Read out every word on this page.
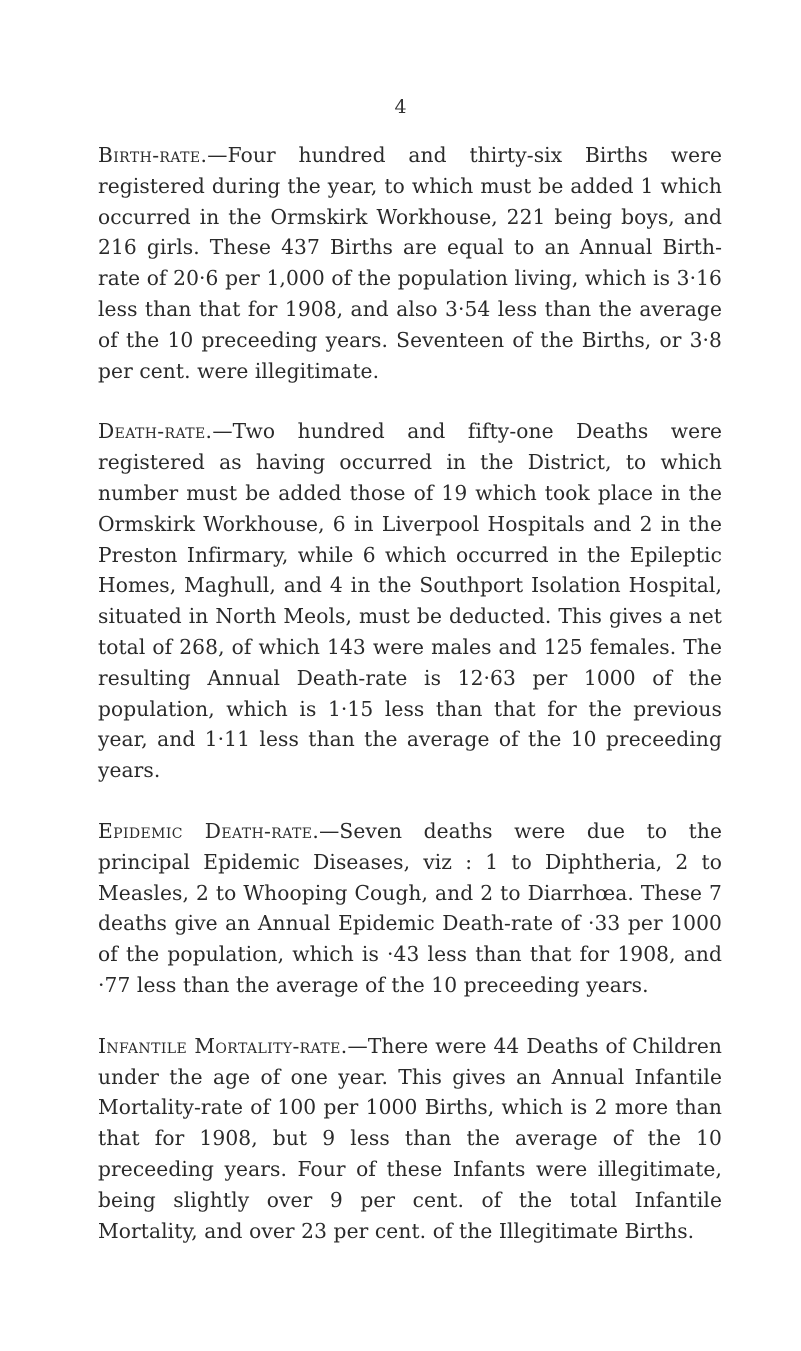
4

Birth-rate.—Four hundred and thirty-six Births were registered during the year, to which must be added 1 which occurred in the Ormskirk Workhouse, 221 being boys, and 216 girls. These 437 Births are equal to an Annual Birth-rate of 20·6 per 1,000 of the population living, which is 3·16 less than that for 1908, and also 3·54 less than the average of the 10 preceeding years. Seventeen of the Births, or 3·8 per cent. were illegitimate.

Death-rate.—Two hundred and fifty-one Deaths were registered as having occurred in the District, to which number must be added those of 19 which took place in the Ormskirk Workhouse, 6 in Liverpool Hospitals and 2 in the Preston Infirmary, while 6 which occurred in the Epileptic Homes, Maghull, and 4 in the Southport Isolation Hospital, situated in North Meols, must be deducted. This gives a net total of 268, of which 143 were males and 125 females. The resulting Annual Death-rate is 12·63 per 1000 of the population, which is 1·15 less than that for the previous year, and 1·11 less than the average of the 10 preceeding years.

Epidemic Death-rate.—Seven deaths were due to the principal Epidemic Diseases, viz : 1 to Diphtheria, 2 to Measles, 2 to Whooping Cough, and 2 to Diarrhœa. These 7 deaths give an Annual Epidemic Death-rate of ·33 per 1000 of the population, which is ·43 less than that for 1908, and ·77 less than the average of the 10 preceeding years.

Infantile Mortality-rate.—There were 44 Deaths of Children under the age of one year. This gives an Annual Infantile Mortality-rate of 100 per 1000 Births, which is 2 more than that for 1908, but 9 less than the average of the 10 preceeding years. Four of these Infants were illegitimate, being slightly over 9 per cent. of the total Infantile Mortality, and over 23 per cent. of the Illegitimate Births.
